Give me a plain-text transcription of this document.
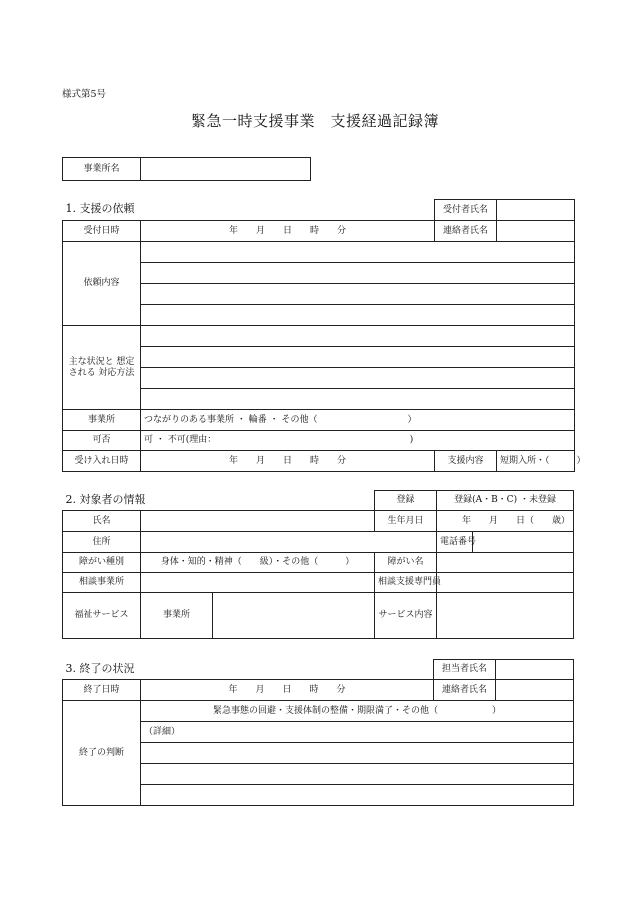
様式第5号
緊急一時支援事業　支援経過記録簿
事業所名	
1. 支援の依頼		受付者氏名	
受付日時	年　　月　　日　　時　　分	連絡者氏名	
依頼内容			

主な状況と 想定される 対応方法			

事業所	つながりのある事業所 ・ 輪番 ・ その他（　　　　　　　　　　）		
可否	可 ・ 不可(理由：　　　　　　　　　　　　　　　　　　　　　　)		
受け入れ日時	年　　月　　日　　時　　分	支援内容	短期入所・（　　　）
2. 対象者の情報			登録	登録(A・B・C) ・未登録	
氏名			生年月日	年　　月　　日（　　歳）	
住所				電話番号	
障がい種別	身体・知的・精神（　　級）・その他（　　　）		障がい名		
相談事業所			相談支援専門員		
福祉サービス	事業所		サービス内容		
3. 終了の状況		担当者氏名	
終了日時	年　　月　　日　　時　　分	連絡者氏名	
終了の判断	緊急事態の回避・支援体制の整備・期限満了・その他（　　　　　　）		
	（詳細）		
